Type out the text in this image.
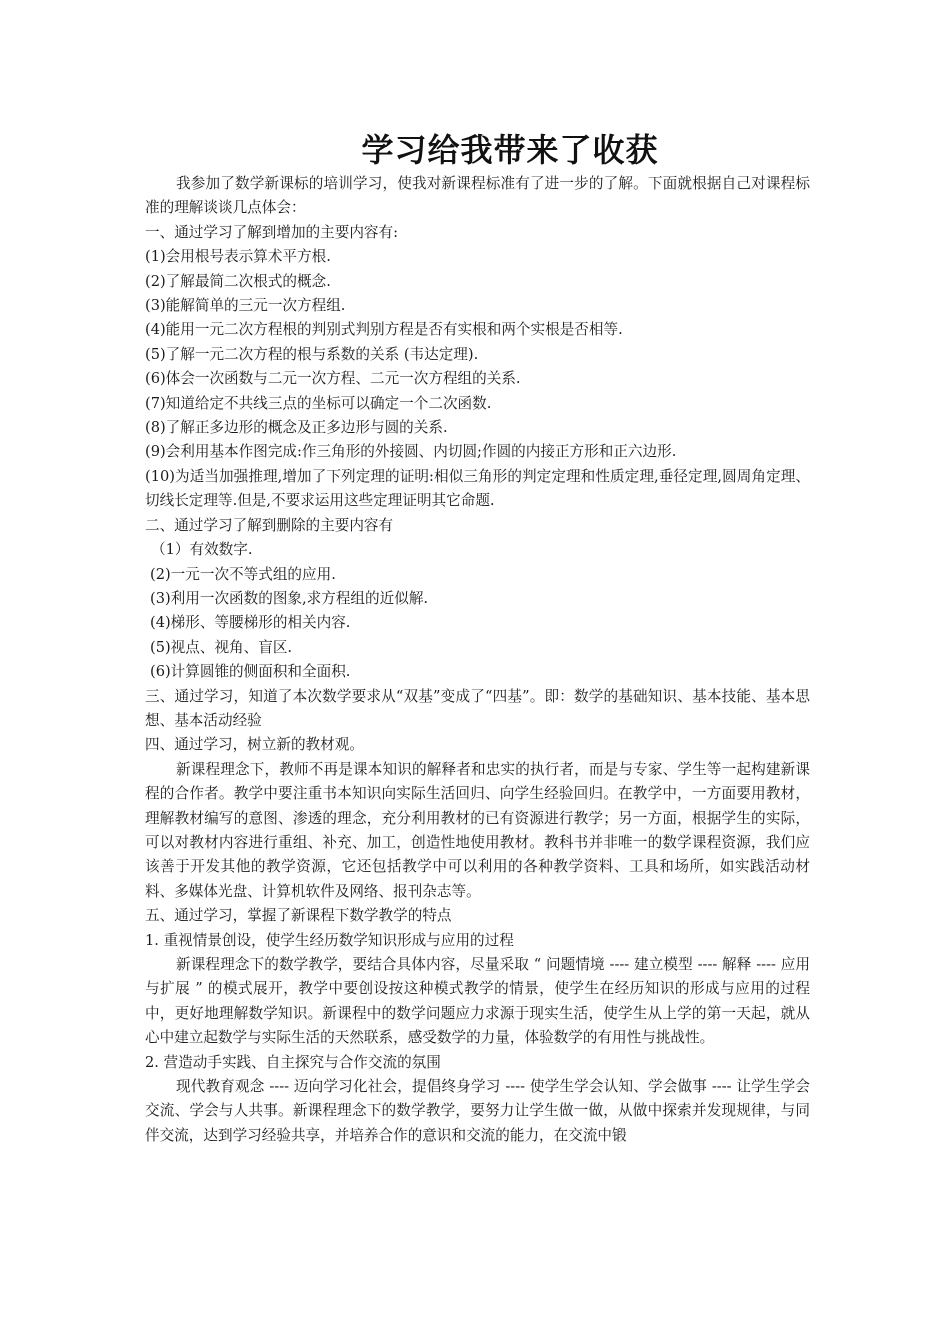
学习给我带来了收获

我参加了数学新课标的培训学习，使我对新课程标准有了进一步的了解。下面就根据自己对课程标准的理解谈谈几点体会：

一、通过学习了解到增加的主要内容有:
(1)会用根号表示算术平方根.
(2)了解最简二次根式的概念.
(3)能解简单的三元一次方程组.
(4)能用一元二次方程根的判别式判别方程是否有实根和两个实根是否相等.
(5)了解一元二次方程的根与系数的关系 (韦达定理).
(6)体会一次函数与二元一次方程、二元一次方程组的关系.
(7)知道给定不共线三点的坐标可以确定一个二次函数.
(8)了解正多边形的概念及正多边形与圆的关系.
(9)会利用基本作图完成:作三角形的外接圆、内切圆;作圆的内接正方形和正六边形.

(10)为适当加强推理,增加了下列定理的证明:相似三角形的判定定理和性质定理,垂径定理,圆周角定理、切线长定理等.但是,不要求运用这些定理证明其它命题.

二、通过学习了解到删除的主要内容有
（1）有效数字.
(2)一元一次不等式组的应用.
(3)利用一次函数的图象,求方程组的近似解.
(4)梯形、等腰梯形的相关内容.
(5)视点、视角、盲区.
(6)计算圆锥的侧面积和全面积.

三、通过学习，知道了本次数学要求从“双基”变成了“四基”。即：数学的基础知识、基本技能、基本思想、基本活动经验

四、通过学习，树立新的教材观。

新课程理念下，教师不再是课本知识的解释者和忠实的执行者，而是与专家、学生等一起构建新课程的合作者。教学中要注重书本知识向实际生活回归、向学生经验回归。在教学中，一方面要用教材，理解教材编写的意图、渗透的理念，充分利用教材的已有资源进行教学；另一方面，根据学生的实际，可以对教材内容进行重组、补充、加工，创造性地使用教材。教科书并非唯一的数学课程资源，我们应该善于开发其他的教学资源，它还包括教学中可以利用的各种教学资料、工具和场所，如实践活动材料、多媒体光盘、计算机软件及网络、报刊杂志等。

五、通过学习，掌握了新课程下数学教学的特点
1. 重视情景创设，使学生经历数学知识形成与应用的过程

新课程理念下的数学教学，要结合具体内容，尽量采取 “ 问题情境 ---- 建立模型 ---- 解释 ---- 应用与扩展 ” 的模式展开，教学中要创设按这种模式教学的情景，使学生在经历知识的形成与应用的过程中，更好地理解数学知识。新课程中的数学问题应力求源于现实生活，使学生从上学的第一天起，就从心中建立起数学与实际生活的天然联系，感受数学的力量，体验数学的有用性与挑战性。

2. 营造动手实践、自主探究与合作交流的氛围

现代教育观念 ---- 迈向学习化社会，提倡终身学习 ---- 使学生学会认知、学会做事 ---- 让学生学会交流、学会与人共事。新课程理念下的数学教学，要努力让学生做一做，从做中探索并发现规律，与同伴交流，达到学习经验共享，并培养合作的意识和交流的能力，在交流中锻
